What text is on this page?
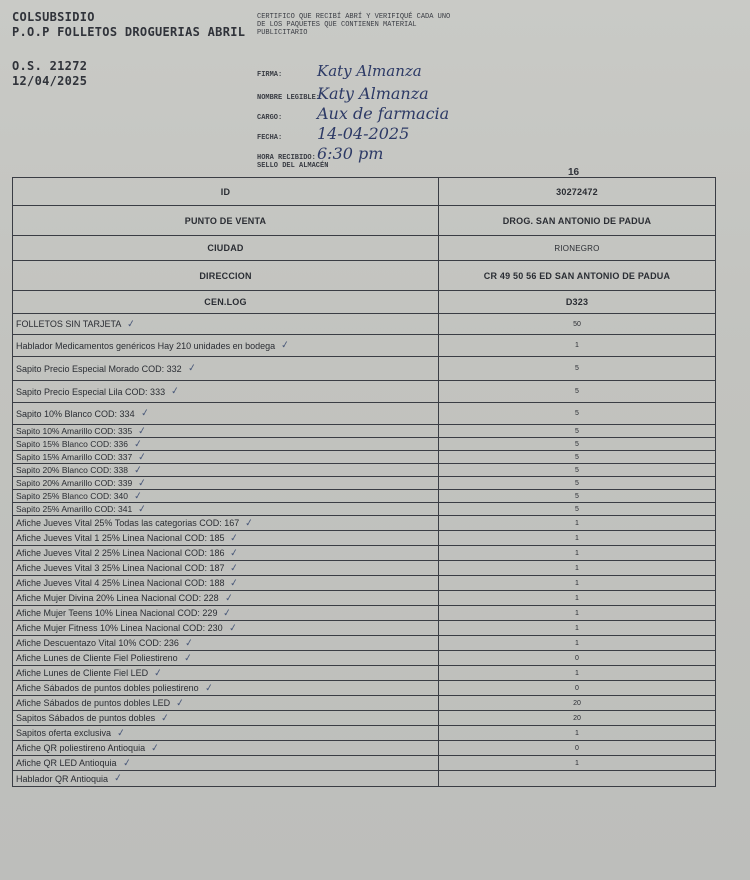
COLSUBSIDIO
P.O.P FOLLETOS DROGUERIAS ABRIL
O.S. 21272
12/04/2025
CERTIFICO QUE RECIBÍ ABRÍ Y VERIFIQUÉ CADA UNO DE LOS PAQUETES QUE CONTIENEN MATERIAL PUBLICITARIO
FIRMA: Katy Almanza
NOMBRE LEGIBLE:Katy Almanza
CARGO: Aux de farmacia
FECHA: 14-04-2025
HORA RECIBIDO:6:30 pm
SELLO DEL ALMACÉN
16
ID	30272472
PUNTO DE VENTA	DROG. SAN ANTONIO DE PADUA
CIUDAD	RIONEGRO
DIRECCION	CR 49 50 56 ED SAN ANTONIO DE PADUA
CEN.LOG	D323
FOLLETOS SIN TARJETA ✓	50
Hablador Medicamentos genéricos Hay 210 unidades en bodega ✓	1
Sapito Precio Especial Morado COD: 332 ✓	5
Sapito Precio Especial Lila COD: 333 ✓	5
Sapito 10% Blanco COD: 334 ✓	5
Sapito 10% Amarillo COD: 335 ✓	5
Sapito 15% Blanco COD: 336 ✓	5
Sapito 15% Amarillo COD: 337 ✓	5
Sapito 20% Blanco COD: 338 ✓	5
Sapito 20% Amarillo COD: 339 ✓	5
Sapito 25% Blanco COD: 340 ✓	5
Sapito 25% Amarillo COD: 341 ✓	5
Afiche Jueves Vital 25% Todas las categorias COD: 167 ✓	1
Afiche Jueves Vital 1 25% Linea Nacional COD: 185 ✓	1
Afiche Jueves Vital 2 25% Linea Nacional COD: 186 ✓	1
Afiche Jueves Vital 3 25% Linea Nacional COD: 187 ✓	1
Afiche Jueves Vital 4 25% Linea Nacional COD: 188 ✓	1
Afiche Mujer Divina 20% Linea Nacional COD: 228 ✓	1
Afiche Mujer Teens 10% Linea Nacional COD: 229 ✓	1
Afiche Mujer Fitness 10% Linea Nacional COD: 230 ✓	1
Afiche Descuentazo Vital 10% COD: 236 ✓	1
Afiche Lunes de Cliente Fiel Poliestireno ✓	0
Afiche Lunes de Cliente Fiel LED ✓	1
Afiche Sábados de puntos dobles poliestireno ✓	0
Afiche Sábados de puntos dobles LED ✓	20
Sapitos Sábados de puntos dobles ✓	20
Sapitos oferta exclusiva ✓	1
Afiche QR poliestireno Antioquia ✓	0
Afiche QR LED Antioquia ✓	1
Hablador QR Antioquia ✓
